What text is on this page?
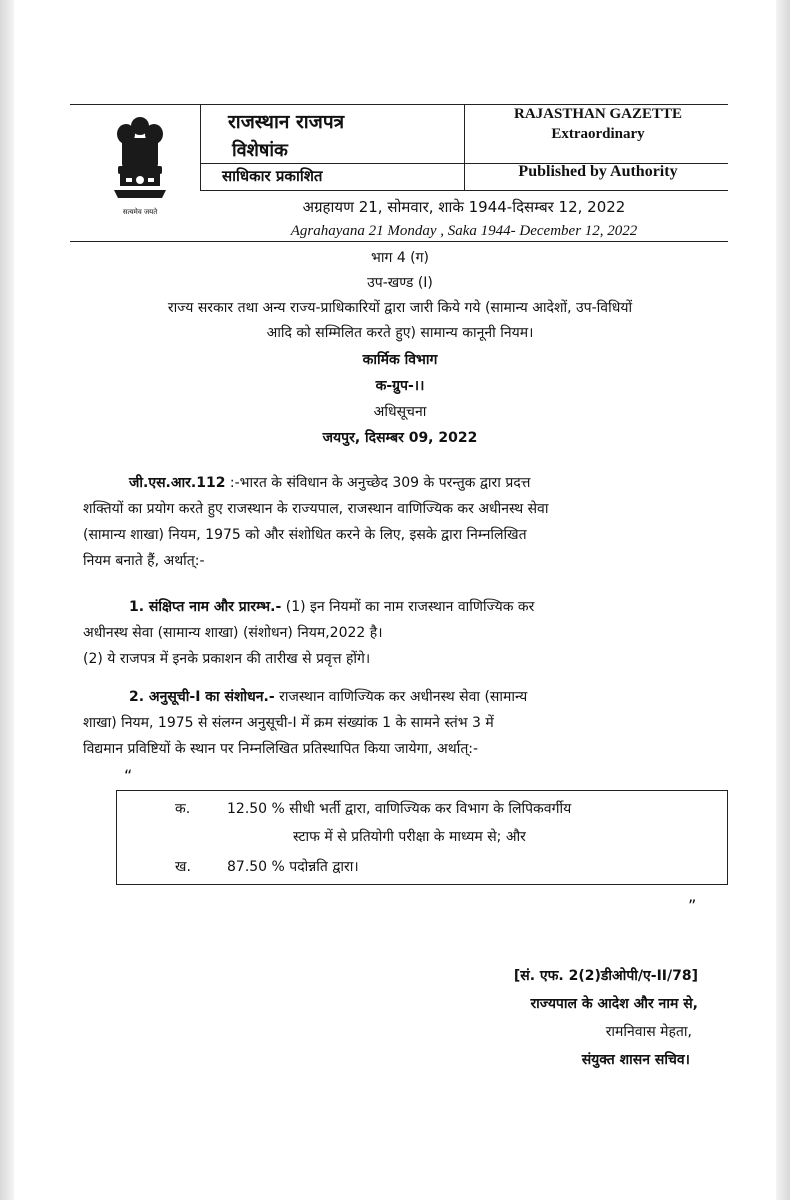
सत्यमेव जयते
राजस्थान राजपत्र
विशेषांक
साधिकार प्रकाशित
RAJASTHAN GAZETTE
Extraordinary
Published by Authority
अग्रहायण 21, सोमवार, शाके 1944-दिसम्बर 12, 2022
Agrahayana 21 Monday , Saka 1944- December 12, 2022
भाग 4 (ग)
उप-खण्ड (I)
राज्य सरकार तथा अन्य राज्य-प्राधिकारियों द्वारा जारी किये गये (सामान्य आदेशों, उप-विधियों
आदि को सम्मिलित करते हुए) सामान्य कानूनी नियम।
कार्मिक विभाग
क-ग्रुप-।।
अधिसूचना
जयपुर, दिसम्बर 09, 2022
जी.एस.आर.112 :-भारत के संविधान के अनुच्छेद 309 के परन्तुक द्वारा प्रदत्त
शक्तियों का प्रयोग करते हुए राजस्थान के राज्यपाल, राजस्थान वाणिज्यिक कर अधीनस्थ सेवा
(सामान्य शाखा) नियम, 1975 को और संशोधित करने के लिए, इसके द्वारा निम्नलिखित
नियम बनाते हैं, अर्थात्:-
1. संक्षिप्त नाम और प्रारम्भ.- (1) इन नियमों का नाम राजस्थान वाणिज्यिक कर
अधीनस्थ सेवा (सामान्य शाखा) (संशोधन) नियम,2022 है।
(2) ये राजपत्र में इनके प्रकाशन की तारीख से प्रवृत्त होंगे।
2. अनुसूची-I का संशोधन.- राजस्थान वाणिज्यिक कर अधीनस्थ सेवा (सामान्य
शाखा) नियम, 1975 से संलग्न अनुसूची-I में क्रम संख्यांक 1 के सामने स्तंभ 3 में
विद्यमान प्रविष्टियों के स्थान पर निम्नलिखित प्रतिस्थापित किया जायेगा, अर्थात्:-
“
क.	12.50 % सीधी भर्ती द्वारा, वाणिज्यिक कर विभाग के लिपिकवर्गीय
स्टाफ में से प्रतियोगी परीक्षा के माध्यम से; और
ख.	87.50 % पदोन्नति द्वारा।
”
[सं. एफ. 2(2)डीओपी/ए-II/78]
राज्यपाल के आदेश और नाम से,
रामनिवास मेहता,
संयुक्त शासन सचिव।
